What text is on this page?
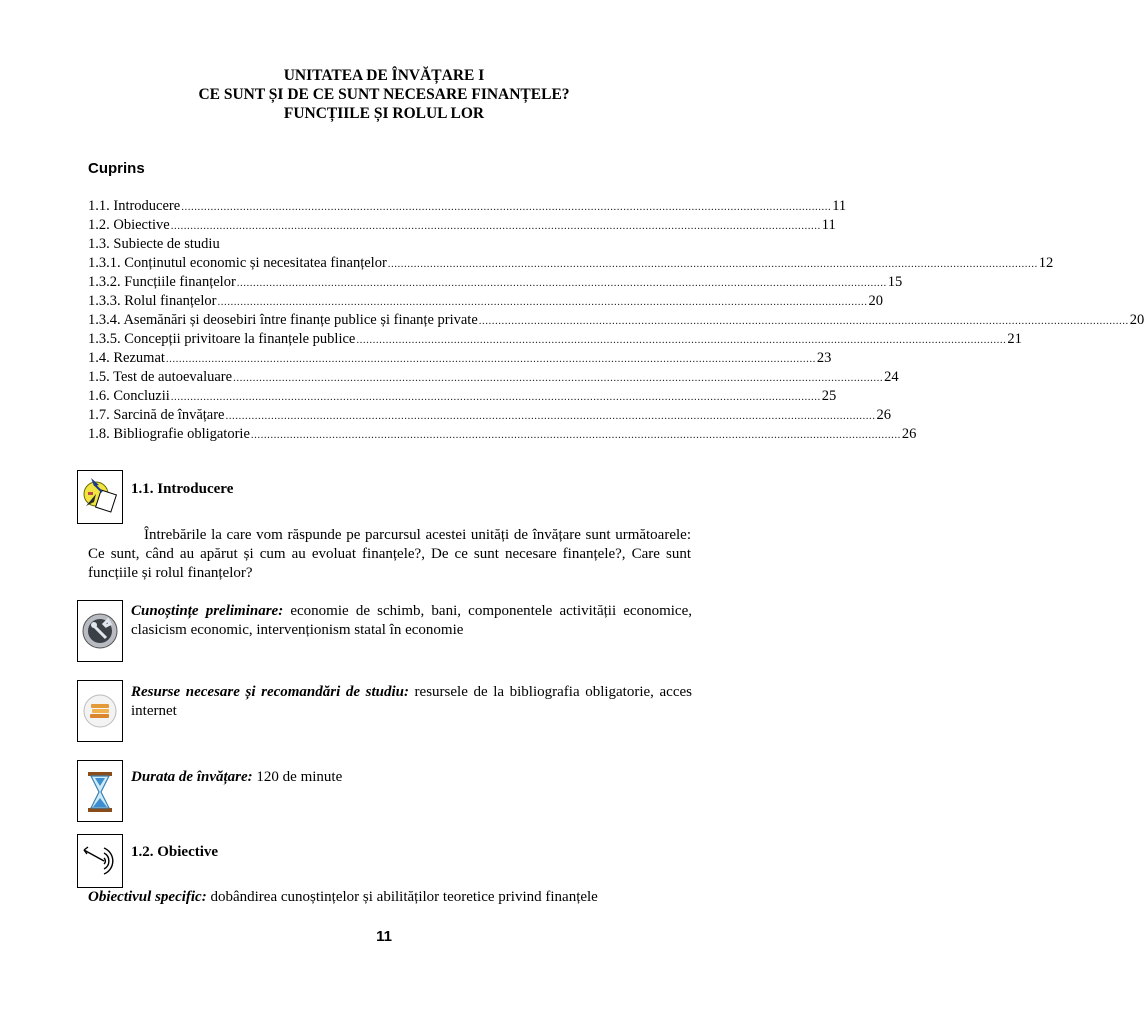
UNITATEA DE ÎNVĂȚARE I
CE SUNT ȘI DE CE SUNT NECESARE FINANȚELE?
FUNCȚIILE ȘI ROLUL LOR
Cuprins
1.1. Introducere ........................................................................................................................................................................................................ 11
1.2. Obiective ........................................................................................................................................................................................................ 11
1.3. Subiecte de studiu
1.3.1. Conținutul economic și necesitatea finanțelor ........................................................................................................................................................................................................ 12
1.3.2. Funcțiile finanțelor ........................................................................................................................................................................................................ 15
1.3.3. Rolul finanțelor ........................................................................................................................................................................................................ 20
1.3.4. Asemănări și deosebiri între finanțe publice și finanțe private ........................................................................................................................................................................................................ 20
1.3.5. Concepții privitoare la finanțele publice ........................................................................................................................................................................................................ 21
1.4. Rezumat ........................................................................................................................................................................................................ 23
1.5. Test de autoevaluare ........................................................................................................................................................................................................ 24
1.6. Concluzii ........................................................................................................................................................................................................ 25
1.7. Sarcină de învățare ........................................................................................................................................................................................................ 26
1.8. Bibliografie obligatorie ........................................................................................................................................................................................................ 26
1.1. Introducere
Întrebările la care vom răspunde pe parcursul acestei unități de învățare sunt următoarele: Ce sunt, când au apărut și cum au evoluat finanțele?, De ce sunt necesare finanțele?, Care sunt funcțiile și rolul finanțelor?
Cunoștințe preliminare: economie de schimb, bani, componentele activității economice, clasicism economic, intervenționism statal în economie
Resurse necesare și recomandări de studiu: resursele de la bibliografia obligatorie, acces internet
Durata de învățare: 120 de minute
1.2. Obiective
Obiectivul specific: dobândirea cunoștințelor și abilităților teoretice privind finanțele
11
